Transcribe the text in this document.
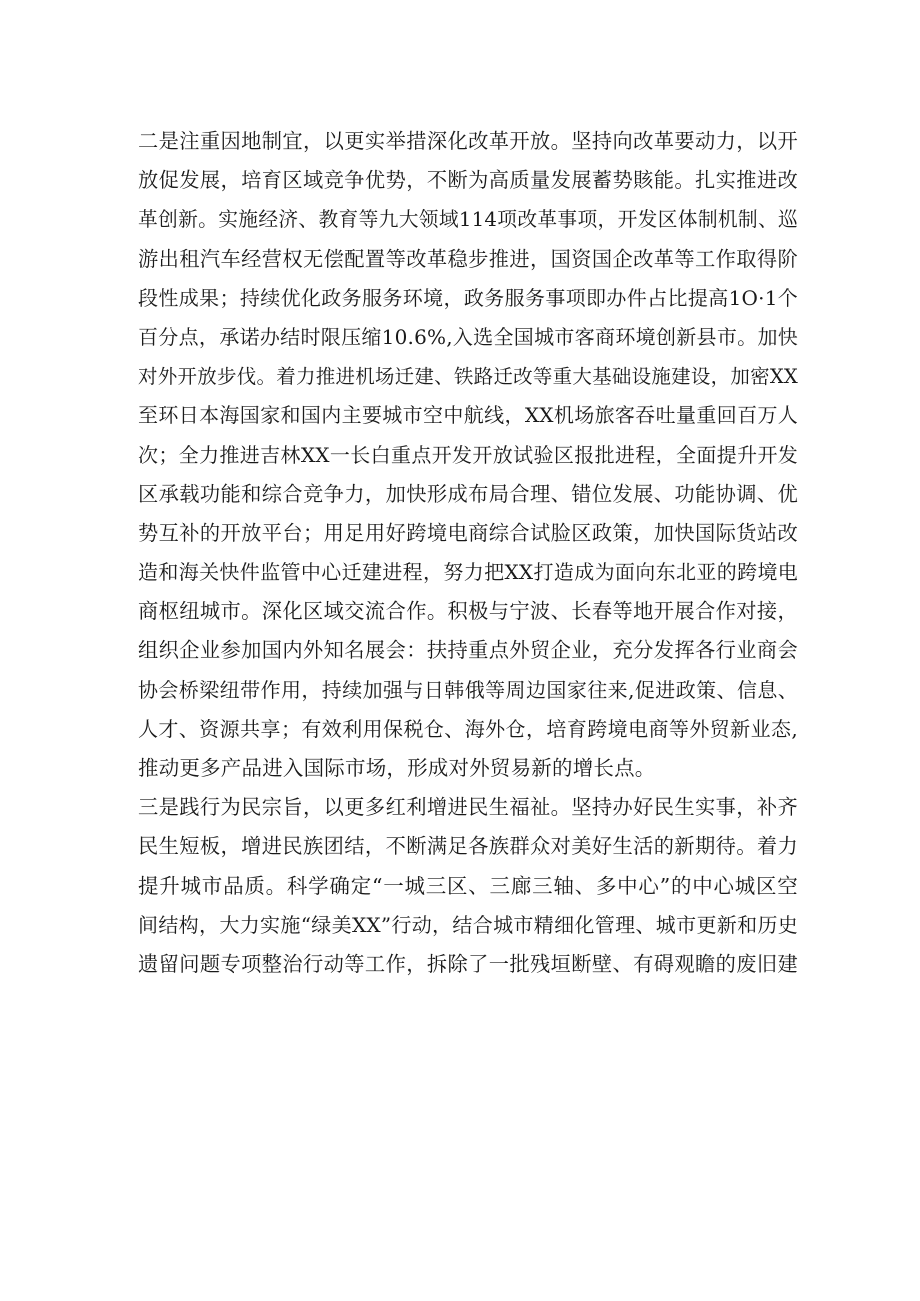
二是注重因地制宜，以更实举措深化改革开放。坚持向改革要动力，以开
放促发展，培育区域竞争优势，不断为高质量发展蓄势賅能。扎实推进改
革创新。实施经济、教育等九大领域114项改革事项，开发区体制机制、巡
游出租汽车经营权无偿配置等改革稳步推进，国资国企改革等工作取得阶
段性成果；持续优化政务服务环境，政务服务事项即办件占比提高1O·1个
百分点，承诺办结时限压缩10.6%,入选全国城市客商环境创新县市。加快
对外开放步伐。着力推进机场迁建、铁路迁改等重大基础设施建设，加密XX
至环日本海国家和国内主要城市空中航线，XX机场旅客吞吐量重回百万人
次；全力推进吉林XX一长白重点开发开放试验区报批进程，全面提升开发
区承载功能和综合竞争力，加快形成布局合理、错位发展、功能协调、优
势互补的开放平台；用足用好跨境电商综合试脸区政策，加快国际货站改
造和海关快件监管中心迁建进程，努力把XX打造成为面向东北亚的跨境电
商枢纽城市。深化区域交流合作。积极与宁波、长春等地开展合作对接，
组织企业参加国内外知名展会：扶持重点外贸企业，充分发挥各行业商会
协会桥梁纽带作用，持续加强与日韩俄等周边国家往来,促进政策、信息、
人才、资源共享；有效利用保税仓、海外仓，培育跨境电商等外贸新业态,
推动更多产品进入国际市场，形成对外贸易新的增长点。
三是践行为民宗旨，以更多红利增进民生福祉。坚持办好民生实事，补齐
民生短板，增进民族团结，不断满足各族群众对美好生活的新期待。着力
提升城市品质。科学确定“一城三区、三廊三轴、多中心”的中心城区空
间结构，大力实施“绿美XX”行动，结合城市精细化管理、城市更新和历史
遗留问题专项整治行动等工作，拆除了一批残垣断壁、有碍观瞻的废旧建
